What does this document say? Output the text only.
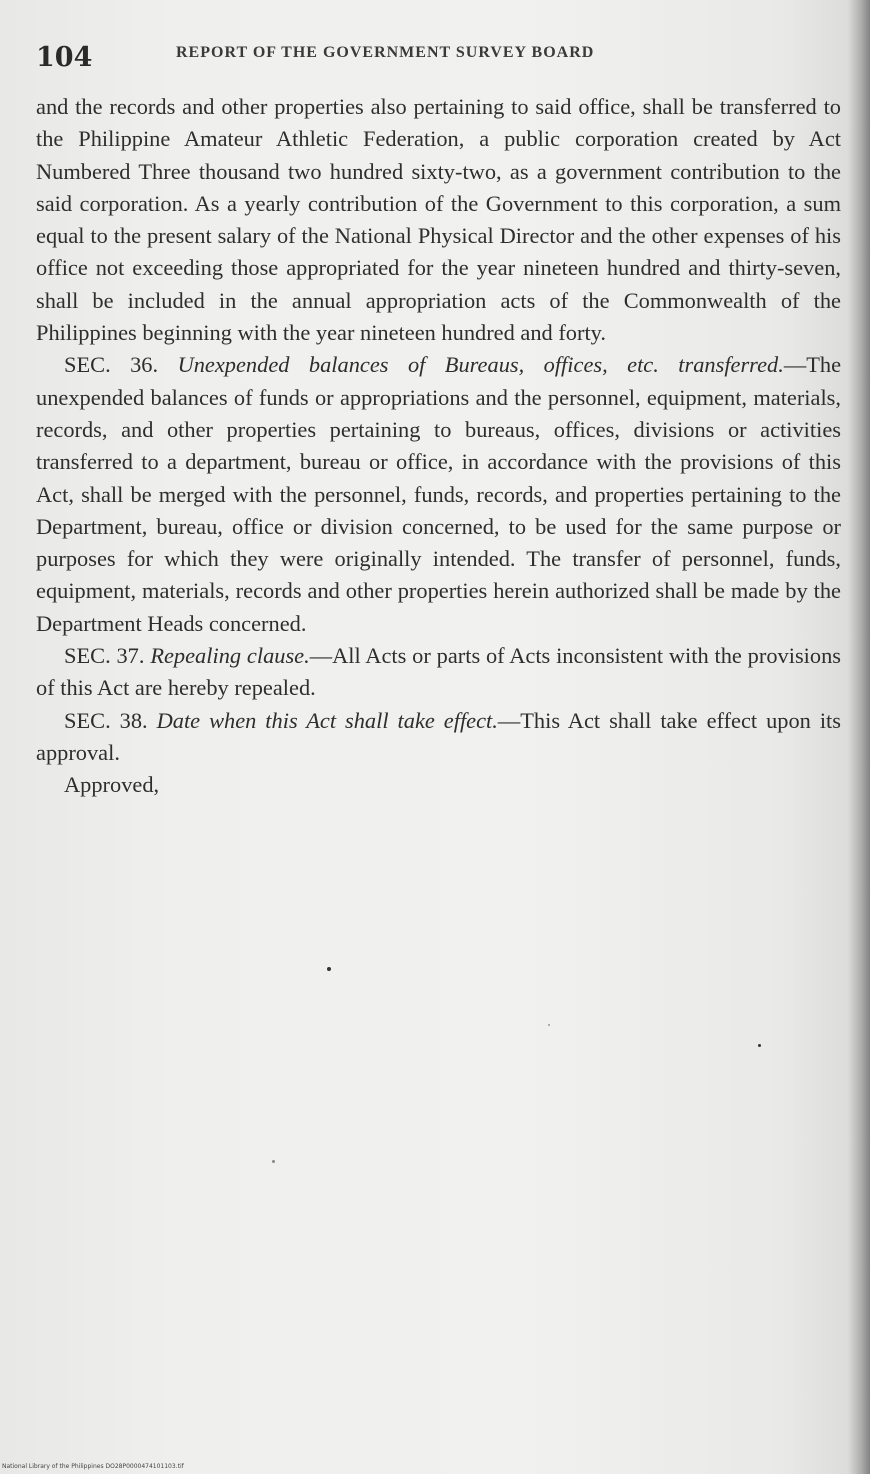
104	REPORT OF THE GOVERNMENT SURVEY BOARD

and the records and other properties also pertaining to said office, shall be transferred to the Philippine Amateur Athletic Federation, a public corporation created by Act Numbered Three thousand two hundred sixty-two, as a government contribution to the said corporation. As a yearly contribution of the Government to this corporation, a sum equal to the present salary of the National Physical Director and the other expenses of his office not exceeding those appropriated for the year nineteen hundred and thirty-seven, shall be included in the annual appropriation acts of the Commonwealth of the Philippines beginning with the year nineteen hundred and forty.

SEC. 36. Unexpended balances of Bureaus, offices, etc. transferred.—The unexpended balances of funds or appropriations and the personnel, equipment, materials, records, and other properties pertaining to bureaus, offices, divisions or activities transferred to a department, bureau or office, in accordance with the provisions of this Act, shall be merged with the personnel, funds, records, and properties pertaining to the Department, bureau, office or division concerned, to be used for the same purpose or purposes for which they were originally intended. The transfer of personnel, funds, equipment, materials, records and other properties herein authorized shall be made by the Department Heads concerned.

SEC. 37. Repealing clause.—All Acts or parts of Acts inconsistent with the provisions of this Act are hereby repealed.

SEC. 38. Date when this Act shall take effect.—This Act shall take effect upon its approval.

Approved,

National Library of the Philippines DO28P0000474101103.tif
